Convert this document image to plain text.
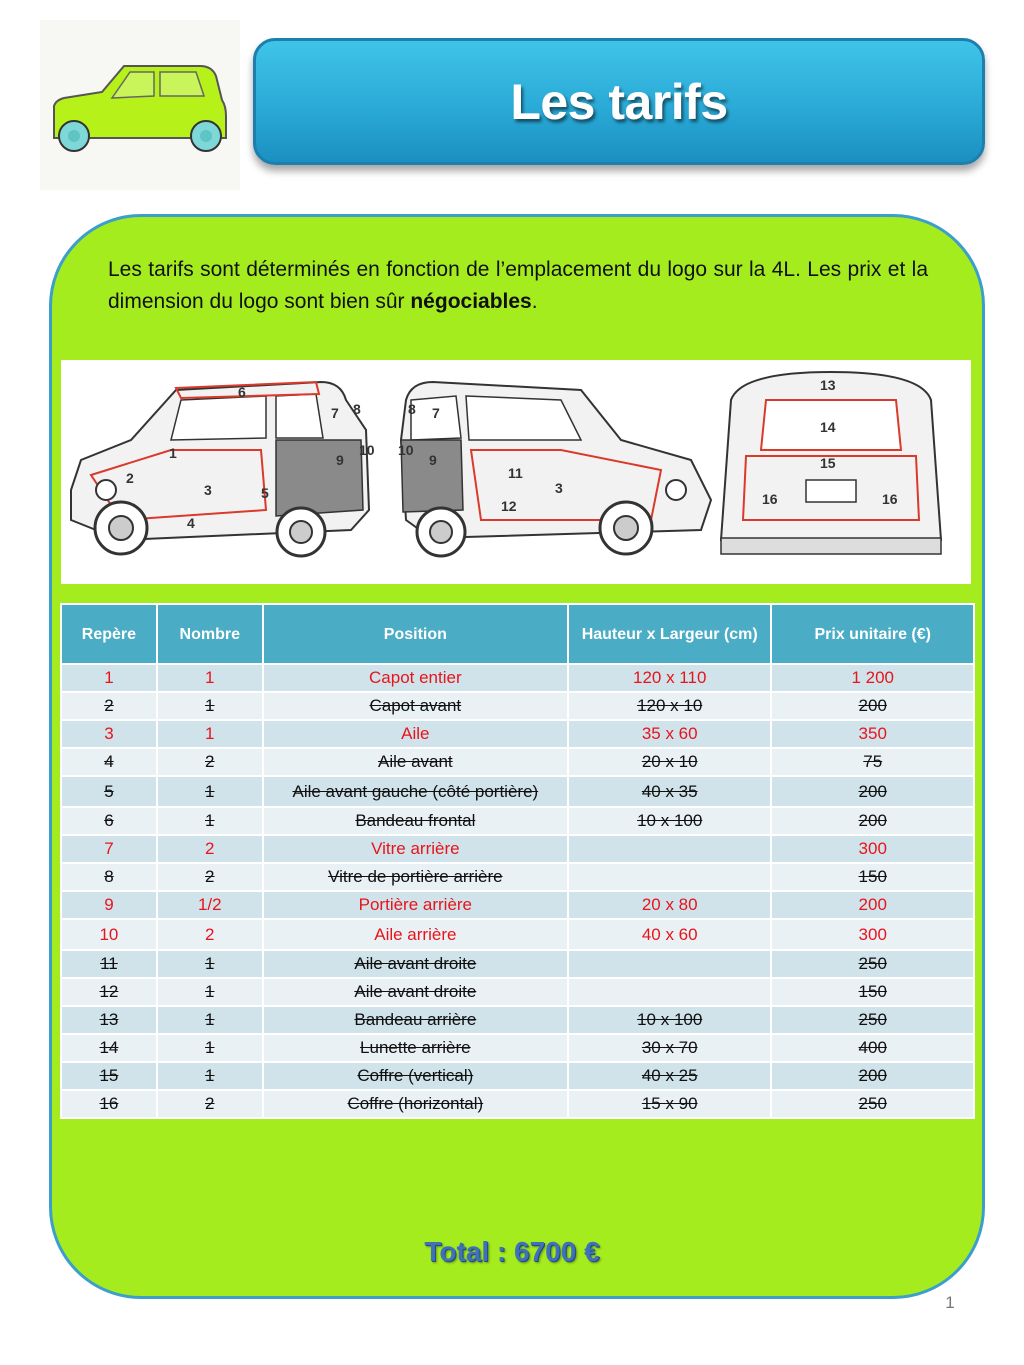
Les tarifs

Les tarifs sont déterminés en fonction de l’emplacement du logo sur la 4L. Les prix et la dimension du logo sont bien sûr négociables.

1
2
3
4
5
6
7 8
9
10
8 7
10
9
11
12
3
13
14
15
16	16
Repère	Nombre	Position	Hauteur x Largeur (cm)	Prix unitaire (€)
1	1	Capot entier	120 x 110	1 200
2	1	Capot avant	120 x 10	200
3	1	Aile	35 x 60	350
4	2	Aile avant	20 x 10	75
5	1	Aile avant gauche (côté portière)	40 x 35	200
6	1	Bandeau frontal	10 x 100	200
7	2	Vitre arrière		300
8	2	Vitre de portière arrière		150
9	1/2	Portière arrière	20 x 80	200
10	2	Aile arrière	40 x 60	300
11	1	Aile avant droite		250
12	1	Aile avant droite		150
13	1	Bandeau arrière	10 x 100	250
14	1	Lunette arrière	30 x 70	400
15	1	Coffre (vertical)	40 x 25	200
16	2	Coffre (horizontal)	15 x 90	250
Total : 6700 €
1
